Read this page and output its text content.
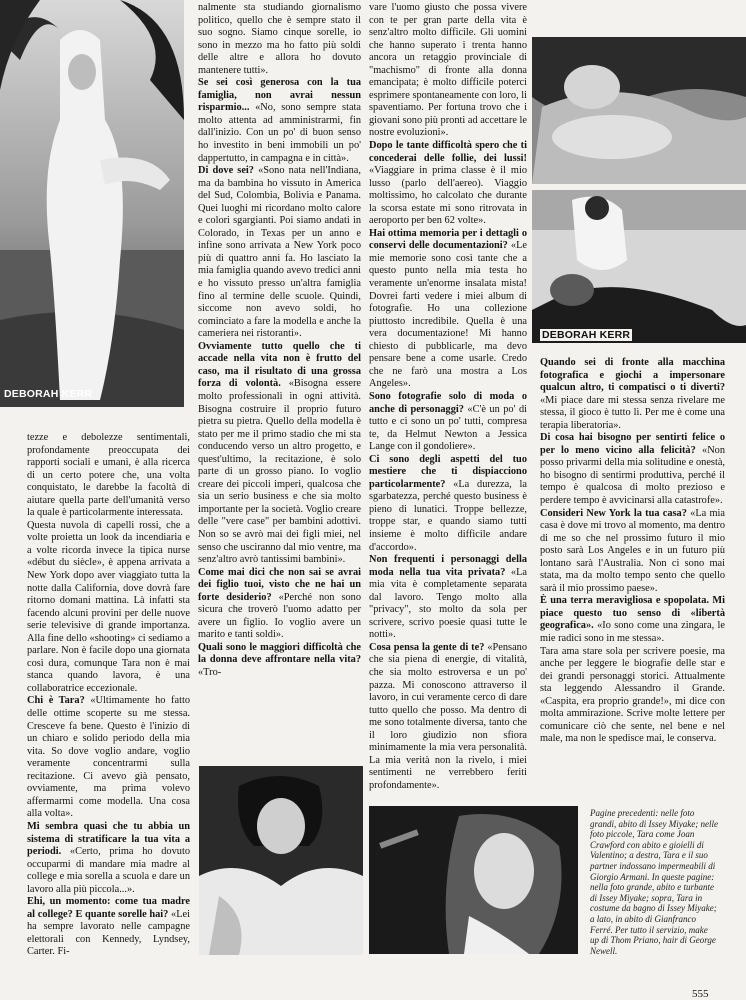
DEBORAH KERR
DEBORAH KERR

tezze e debolezze sentimentali, profondamente preoccupata dei rapporti sociali e umani, è alla ricerca di un certo potere che, una volta conquistato, le darebbe la facoltà di aiutare quella parte dell'umanità verso la quale è particolarmente interessata.

Questa nuvola di capelli rossi, che a volte proietta un look da incendiaria e a volte ricorda invece la tipica nurse «début du siècle», è appena arrivata a New York dopo aver viaggiato tutta la notte dalla California, dove dovrà fare ritorno domani mattina. Là infatti sta facendo alcuni provini per delle nuove serie televisive di grande importanza. Alla fine dello «shooting» ci sediamo a parlare. Non è facile dopo una giornata così dura, comunque Tara non è mai stanca quando lavora, è una collaboratrice eccezionale.

Chi è Tara? «Ultimamente ho fatto delle ottime scoperte su me stessa. Cresceve fa bene. Questo è l'inizio di un chiaro e solido periodo della mia vita. So dove voglio andare, voglio veramente concentrarmi sulla recitazione. Ci avevo già pensato, ovviamente, ma prima volevo affermarmi come modella. Una cosa alla volta».

Mi sembra quasi che tu abbia un sistema di stratificare la tua vita a periodi. «Certo, prima ho dovuto occuparmi di mandare mia madre al college e mia sorella a scuola e dare un lavoro alla più piccola...».

Ehi, un momento: come tua madre al college? E quante sorelle hai? «Lei ha sempre lavorato nelle campagne elettorali con Kennedy, Lyndsey, Carter. Fi-

nalmente sta studiando giornalismo politico, quello che è sempre stato il suo sogno. Siamo cinque sorelle, io sono in mezzo ma ho fatto più soldi delle altre e allora ho dovuto mantenere tutti».

Se sei così generosa con la tua famiglia, non avrai nessun risparmio... «No, sono sempre stata molto attenta ad amministrarmi, fin dall'inizio. Con un po' di buon senso ho investito in beni immobili un po' dappertutto, in campagna e in città».

Di dove sei? «Sono nata nell'Indiana, ma da bambina ho vissuto in America del Sud, Colombia, Bolivia e Panama. Quei luoghi mi ricordano molto calore e colori sgargianti. Poi siamo andati in Colorado, in Texas per un anno e infine sono arrivata a New York poco più di quattro anni fa. Ho lasciato la mia famiglia quando avevo tredici anni e ho vissuto presso un'altra famiglia fino al termine delle scuole. Quindi, siccome non avevo soldi, ho cominciato a fare la modella e anche la cameriera nei ristoranti».

Ovviamente tutto quello che ti accade nella vita non è frutto del caso, ma il risultato di una grossa forza di volontà. «Bisogna essere molto professionali in ogni attività. Bisogna costruire il proprio futuro pietra su pietra. Quello della modella è stato per me il primo stadio che mi sta conducendo verso un altro progetto, e quest'ultimo, la recitazione, è solo parte di un grosso piano. Io voglio creare dei piccoli imperi, qualcosa che sia un serio business e che sia molto importante per la società. Voglio creare delle "vere case" per bambini adottivi. Non so se avrò mai dei figli miei, nel senso che usciranno dal mio ventre, ma senz'altro avrò tantissimi bambini».

Come mai dici che non sai se avrai dei figlio tuoi, visto che ne hai un forte desiderio? «Perché non sono sicura che troverò l'uomo adatto per avere un figlio. Io voglio avere un marito e tanti soldi».

Quali sono le maggiori difficoltà che la donna deve affrontare nella vita? «Tro-

vare l'uomo giusto che possa vivere con te per gran parte della vita è senz'altro molto difficile. Gli uomini che hanno superato i trenta hanno ancora un retaggio provinciale di "machismo" di fronte alla donna emancipata; è molto difficile poterci esprimere spontaneamente con loro, li spaventiamo. Per fortuna trovo che i giovani sono più pronti ad accettare le nostre evoluzioni».

Dopo le tante difficoltà spero che ti concederai delle follie, dei lussi! «Viaggiare in prima classe è il mio lusso (parlo dell'aereo). Viaggio moltissimo, ho calcolato che durante la scorsa estate mi sono ritrovata in aeroporto per ben 62 volte».

Hai ottima memoria per i dettagli o conservi delle documentazioni? «Le mie memorie sono così tante che a questo punto nella mia testa ho veramente un'enorme insalata mista! Dovrei farti vedere i miei album di fotografie. Ho una collezione piuttosto incredibile. Quella è una vera documentazione! Mi hanno chiesto di pubblicarle, ma devo pensare bene a come usarle. Credo che ne farò una mostra a Los Angeles».

Sono fotografie solo di moda o anche di personaggi? «C'è un po' di tutto e ci sono un po' tutti, compresa te, da Helmut Newton a Jessica Lange con il gondoliere».

Ci sono degli aspetti del tuo mestiere che ti dispiacciono particolarmente? «La durezza, la sgarbatezza, perché questo business è pieno di lunatici. Troppe bellezze, troppe star, e quando siamo tutti insieme è molto difficile andare d'accordo».

Non frequenti i personaggi della moda nella tua vita privata? «La mia vita è completamente separata dal lavoro. Tengo molto alla "privacy", sto molto da sola per scrivere, scrivo poesie quasi tutte le notti».

Cosa pensa la gente di te? «Pensano che sia piena di energie, di vitalità, che sia molto estroversa e un po' pazza. Mi conoscono attraverso il lavoro, in cui veramente cerco di dare tutto quello che posso. Ma dentro di me sono totalmente diversa, tanto che il loro giudizio non sfiora minimamente la mia vera personalità. La mia verità non la rivelo, i miei sentimenti ne verrebbero feriti profondamente».

Quando sei di fronte alla macchina fotografica e giochi a impersonare qualcun altro, ti compatisci o ti diverti? «Mi piace dare mi stessa senza rivelare me stessa, il gioco è tutto lì. Per me è come una terapia liberatoria».

Di cosa hai bisogno per sentirti felice o per lo meno vicino alla felicità? «Non posso privarmi della mia solitudine e onestà, ho bisogno di sentirmi produttiva, perché il tempo è qualcosa di molto prezioso e perdere tempo è avvicinarsi alla catastrofe».

Consideri New York la tua casa? «La mia casa è dove mi trovo al momento, ma dentro di me so che nel prossimo futuro il mio posto sarà Los Angeles e in un futuro più lontano sarà l'Australia. Non ci sono mai stata, ma da molto tempo sento che quello sarà il mio prossimo paese».

È una terra meravigliosa e spopolata. Mi piace questo tuo senso di «libertà geografica». «Io sono come una zingara, le mie radici sono in me stessa».

Tara ama stare sola per scrivere poesie, ma anche per leggere le biografie delle star e dei grandi personaggi storici. Attualmente sta leggendo Alessandro il Grande. «Caspita, era proprio grande!», mi dice con molta ammirazione. Scrive molte lettere per comunicare ciò che sente, nel bene e nel male, ma non le spedisce mai, le conserva.

Pagine precedenti: nelle foto grandi, abito di Issey Miyake; nelle foto piccole, Tara come Joan Crawford con abito e gioielli di Valentino; a destra, Tara e il suo partner indossano impermeabili di Giorgio Armani. In queste pagine: nella foto grande, abito e turbante di Issey Miyake; sopra, Tara in costume da bagno di Issey Miyake; a lato, in abito di Gianfranco Ferré. Per tutto il servizio, make up di Thom Priano, hair di George Newell.
555
